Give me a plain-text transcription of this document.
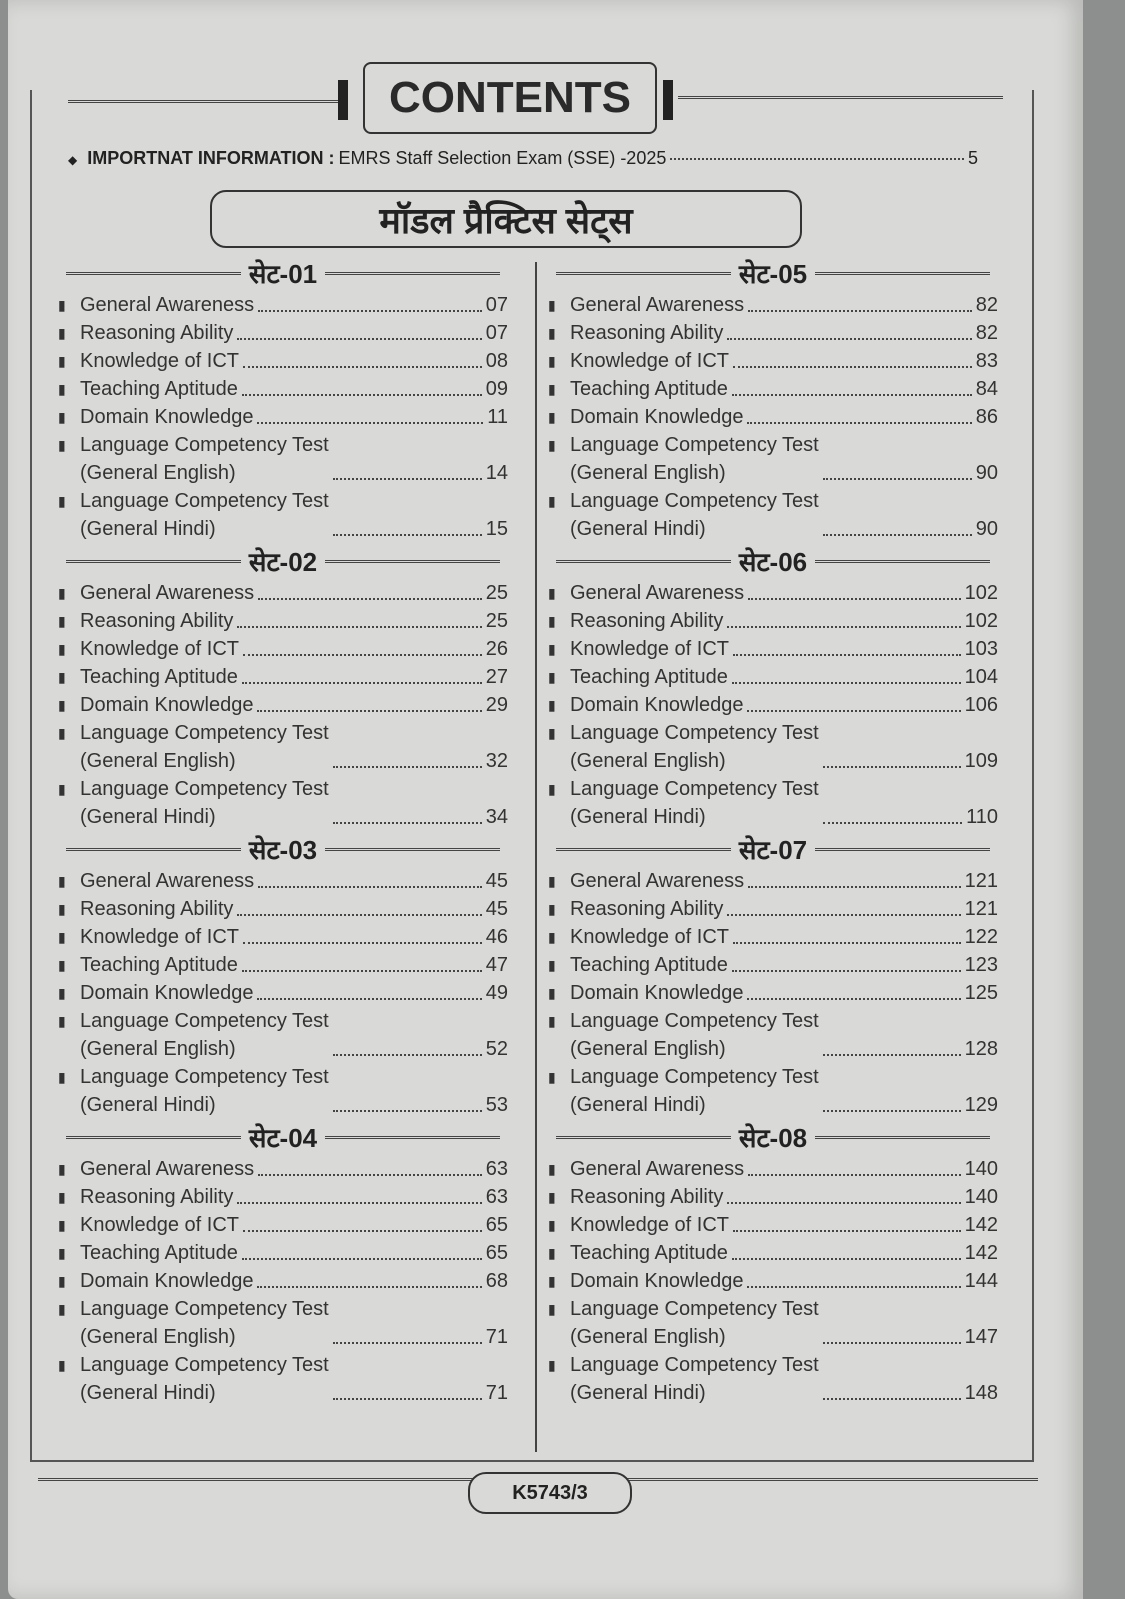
CONTENTS
◆ IMPORTNAT INFORMATION : EMRS Staff Selection Exam (SSE) -2025	5
मॉडल प्रैक्टिस सेट्स
सेट-01
▮ General Awareness	07
▮ Reasoning Ability	07
▮ Knowledge of ICT	08
▮ Teaching Aptitude	09
▮ Domain Knowledge	11
▮ Language Competency Test
(General English)	14
▮ Language Competency Test
(General Hindi)	15
सेट-02
▮ General Awareness	25
▮ Reasoning Ability	25
▮ Knowledge of ICT	26
▮ Teaching Aptitude	27
▮ Domain Knowledge	29
▮ Language Competency Test
(General English)	32
▮ Language Competency Test
(General Hindi)	34
सेट-03
▮ General Awareness	45
▮ Reasoning Ability	45
▮ Knowledge of ICT	46
▮ Teaching Aptitude	47
▮ Domain Knowledge	49
▮ Language Competency Test
(General English)	52
▮ Language Competency Test
(General Hindi)	53
सेट-04
▮ General Awareness	63
▮ Reasoning Ability	63
▮ Knowledge of ICT	65
▮ Teaching Aptitude	65
▮ Domain Knowledge	68
▮ Language Competency Test
(General English)	71
▮ Language Competency Test
(General Hindi)	71
सेट-05
▮ General Awareness	82
▮ Reasoning Ability	82
▮ Knowledge of ICT	83
▮ Teaching Aptitude	84
▮ Domain Knowledge	86
▮ Language Competency Test
(General English)	90
▮ Language Competency Test
(General Hindi)	90
सेट-06
▮ General Awareness	102
▮ Reasoning Ability	102
▮ Knowledge of ICT	103
▮ Teaching Aptitude	104
▮ Domain Knowledge	106
▮ Language Competency Test
(General English)	109
▮ Language Competency Test
(General Hindi)	110
सेट-07
▮ General Awareness	121
▮ Reasoning Ability	121
▮ Knowledge of ICT	122
▮ Teaching Aptitude	123
▮ Domain Knowledge	125
▮ Language Competency Test
(General English)	128
▮ Language Competency Test
(General Hindi)	129
सेट-08
▮ General Awareness	140
▮ Reasoning Ability	140
▮ Knowledge of ICT	142
▮ Teaching Aptitude	142
▮ Domain Knowledge	144
▮ Language Competency Test
(General English)	147
▮ Language Competency Test
(General Hindi)	148
K5743/3
